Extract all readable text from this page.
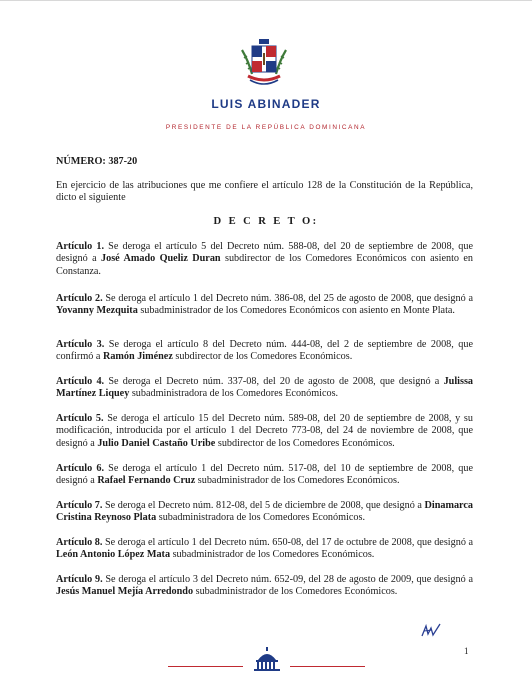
LUIS ABINADER
PRESIDENTE DE LA REPÚBLICA DOMINICANA
NÚMERO: 387-20

En ejercicio de las atribuciones que me confiere el artículo 128 de la Constitución de la República, dicto el siguiente

D E C R E T O:

Artículo 1. Se deroga el artículo 5 del Decreto núm. 588-08, del 20 de septiembre de 2008, que designó a José Amado Queliz Duran subdirector de los Comedores Económicos con asiento en Constanza.

Artículo 2. Se deroga el artículo 1 del Decreto núm. 386-08, del 25 de agosto de 2008, que designó a Yovanny Mezquita subadministrador de los Comedores Económicos con asiento en Monte Plata.

Artículo 3. Se deroga el artículo 8 del Decreto núm. 444-08, del 2 de septiembre de 2008, que confirmó a Ramón Jiménez subdirector de los Comedores Económicos.

Artículo 4. Se deroga el Decreto núm. 337-08, del 20 de agosto de 2008, que designó a Julissa Martínez Liquey subadministradora de los Comedores Económicos.

Artículo 5. Se deroga el artículo 15 del Decreto núm. 589-08, del 20 de septiembre de 2008, y su modificación, introducida por el artículo 1 del Decreto 773-08, del 24 de noviembre de 2008, que designó a Julio Daniel Castaño Uribe subdirector de los Comedores Económicos.

Artículo 6. Se deroga el artículo 1 del Decreto núm. 517-08, del 10 de septiembre de 2008, que designó a Rafael Fernando Cruz subadministrador de los Comedores Económicos.

Artículo 7. Se deroga el Decreto núm. 812-08, del 5 de diciembre de 2008, que designó a Dinamarca Cristina Reynoso Plata subadministradora de los Comedores Económicos.

Artículo 8. Se deroga el artículo 1 del Decreto núm. 650-08, del 17 de octubre de 2008, que designó a León Antonio López Mata subadministrador de los Comedores Económicos.

Artículo 9. Se deroga el artículo 3 del Decreto núm. 652-09, del 28 de agosto de 2009, que designó a Jesús Manuel Mejía Arredondo subadministrador de los Comedores Económicos.

1
